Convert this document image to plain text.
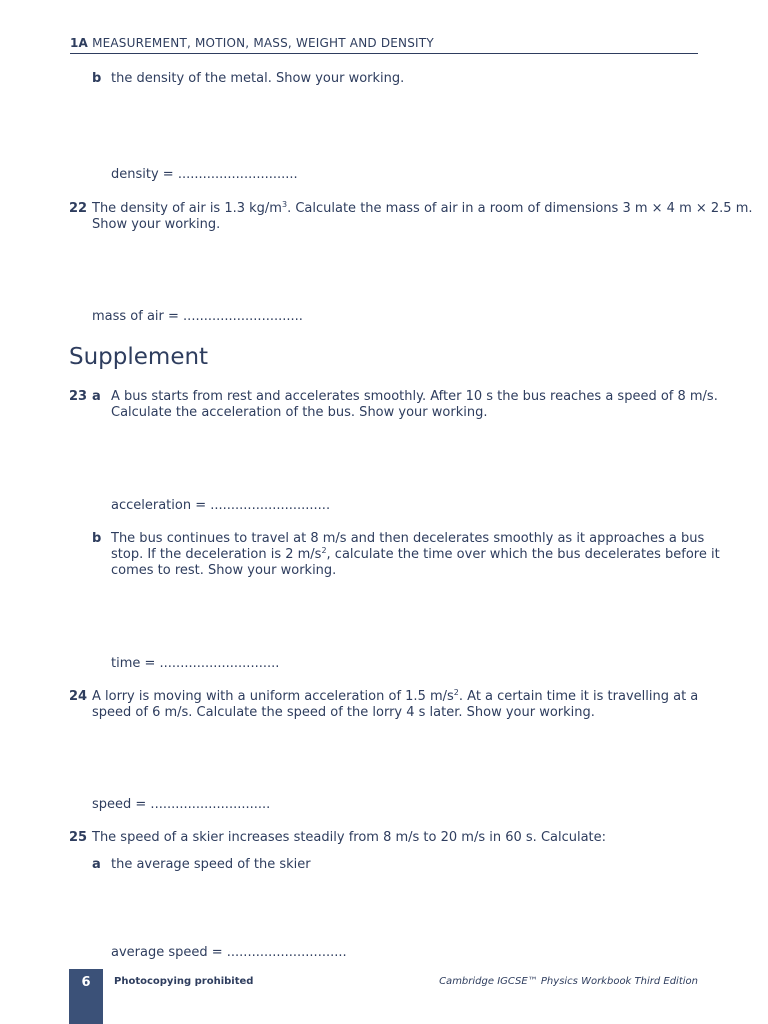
1A MEASUREMENT, MOTION, MASS, WEIGHT AND DENSITY
b the density of the metal. Show your working.
density = .............................
22 The density of air is 1.3 $kg/m^3$. Calculate the mass of air in a room of dimensions 3 m × 4 m × 2.5 m.
Show your working.
mass of air = .............................
Supplement
23 a A bus starts from rest and accelerates smoothly. After 10 s the bus reaches a speed of 8 m/s.
Calculate the acceleration of the bus. Show your working.
acceleration = .............................
b The bus continues to travel at 8 m/s and then decelerates smoothly as it approaches a bus
stop. If the deceleration is 2 $m/s^2$, calculate the time over which the bus decelerates before it
comes to rest. Show your working.
time = .............................
24 A lorry is moving with a uniform acceleration of 1.5 $m/s^2$. At a certain time it is travelling at a
speed of 6 m/s. Calculate the speed of the lorry 4 s later. Show your working.
speed = .............................
25 The speed of a skier increases steadily from 8 m/s to 20 m/s in 60 s. Calculate:
a the average speed of the skier
average speed = .............................
6	Photocopying prohibited	Cambridge IGCSE™ Physics Workbook Third Edition
